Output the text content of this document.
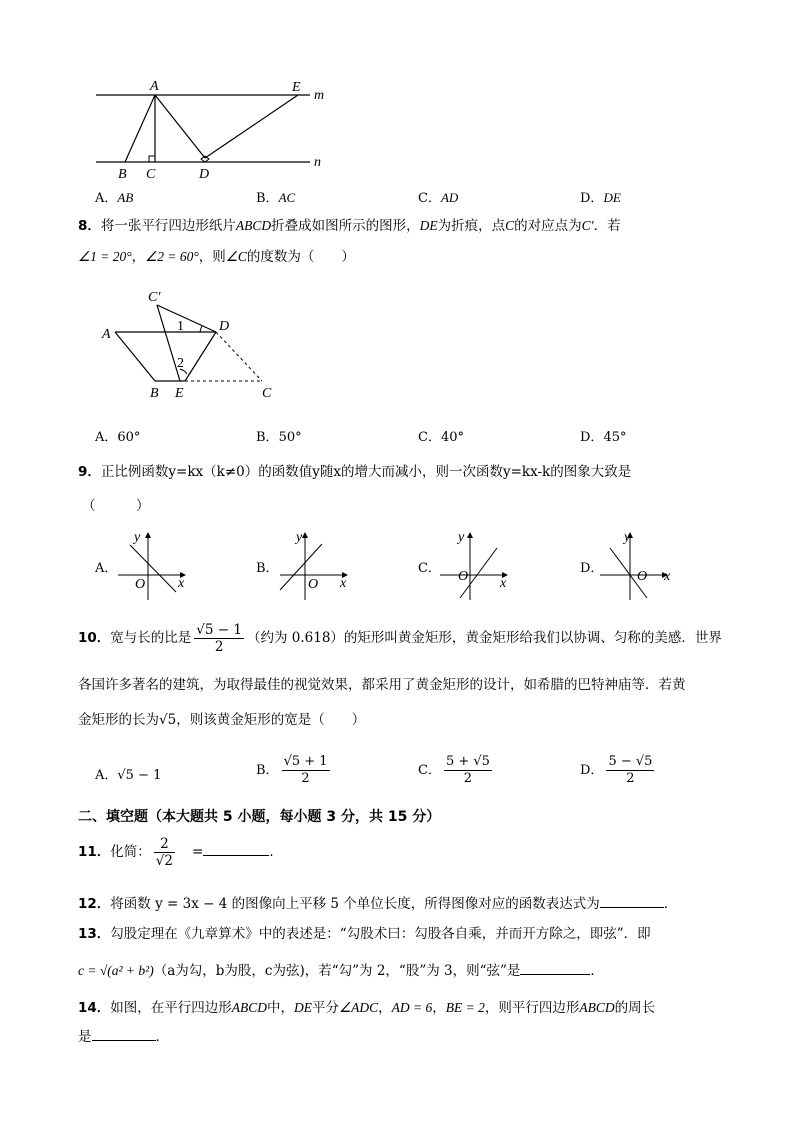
A	E
m
n
B C	D
A．AB	B．AC	C．AD	D．DE
8．将一张平行四边形纸片ABCD折叠成如图所示的图形，DE为折痕，点C的对应点为C′．若
∠1 = 20°，∠2 = 60°，则∠C的度数为（　　）
C′
A
D
1
2
B E	C
A．60°	B．50°	C．40°	D．45°
9．正比例函数y=kx（k≠0）的函数值y随x的增大而减小，则一次函数y=kx-k的图象大致是
（　　　）
A．	B．	C．	D．
y
x
O
y
x
O
y
x
O
y
x
O
10．宽与长的比是 $\frac{√5 - 1}{2}$ （约为 0.618）的矩形叫黄金矩形，黄金矩形给我们以协调、匀称的美感．世界
各国许多著名的建筑，为取得最佳的视觉效果，都采用了黄金矩形的设计，如希腊的巴特神庙等．若黄
金矩形的长为√5，则该黄金矩形的宽是（　　）
A．√5 − 1	B． $\frac{√5 + 1}{2}$	C． $\frac{5 + √5}{2}$	D． $\frac{5 - √5}{2}$
二、填空题（本大题共 5 小题，每小题 3 分，共 15 分）
11．化简： $\frac{2}{√2}$ =	．
12．将函数 y = 3x − 4 的图像向上平移 5 个单位长度，所得图像对应的函数表达式为	．
13．勾股定理在《九章算术》中的表述是：“勾股术曰：勾股各自乘，并而开方除之，即弦”．即
c = √(a² + b²)（a为勾，b为股，c为弦)，若“勾”为 2，“股”为 3，则“弦”是	．
14．如图，在平行四边形ABCD中，DE平分∠ADC，AD = 6，BE = 2，则平行四边形ABCD的周长
是	．
